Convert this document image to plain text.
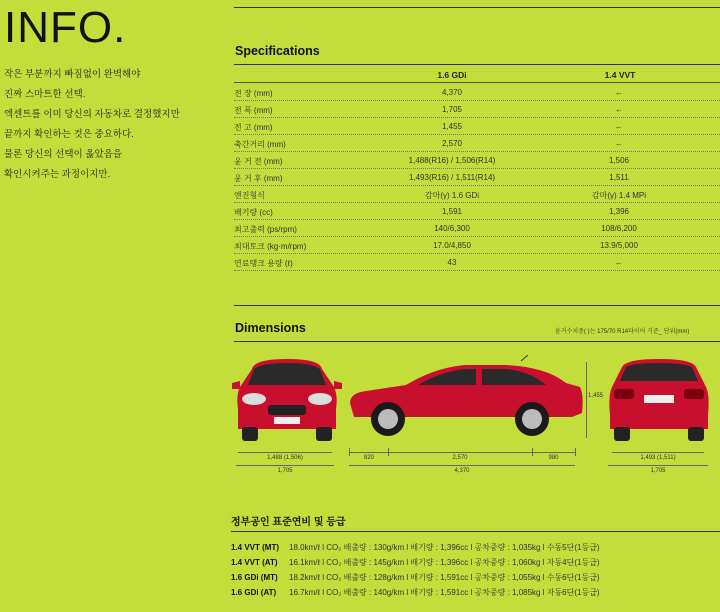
INFO.
작은 부분까지 빠짐없이 완벽해야
진짜 스마트한 선택.
엑센트를 이미 당신의 자동차로 결정했지만
끝까지 확인하는 것은 중요하다.
물론 당신의 선택이 옳았음을
확인시켜주는 과정이지만.
Specifications
1.6 GDi	1.4 VVT
전 장 (mm)	4,370	←
전 폭 (mm)	1,705	←
전 고 (mm)	1,455	←
축간거리 (mm)	2,570	←
윤 거 전 (mm)	1,488(R16) / 1,506(R14)	1,506
윤 거 후 (mm)	1,493(R16) / 1,511(R14)	1,511
엔진형식	감마(γ) 1.6 GDi	감마(γ) 1.4 MPi
배기량 (cc)	1,591	1,396
최고출력 (ps/rpm)	140/6,300	108/6,200
최대토크 (kg·m/rpm)	17.0/4,850	13.9/5,000
연료탱크 용량 (ℓ)	43	←
Dimensions	윤거수치중( )는 175/70 R14타이어 기준_ 단위(mm)
1,488 (1,506)
1,705
820	2,570	980
4,370
1,455
1,493 (1,511)
1,705
정부공인 표준연비 및 등급
1.4 VVT (MT) 18.0km/ℓ l CO₂ 배출량 : 130g/km l 배기량 : 1,396cc l 공차중량 : 1,035kg l 수동5단(1등급)
1.4 VVT (AT) 16.1km/ℓ l CO₂ 배출량 : 145g/km l 배기량 : 1,396cc l 공차중량 : 1,060kg l 자동4단(1등급)
1.6 GDi (MT) 18.2km/ℓ l CO₂ 배출량 : 128g/km l 배기량 : 1,591cc l 공차중량 : 1,055kg l 수동6단(1등급)
1.6 GDi (AT) 16.7km/ℓ l CO₂ 배출량 : 140g/km l 배기량 : 1,591cc l 공차중량 : 1,085kg l 자동6단(1등급)
